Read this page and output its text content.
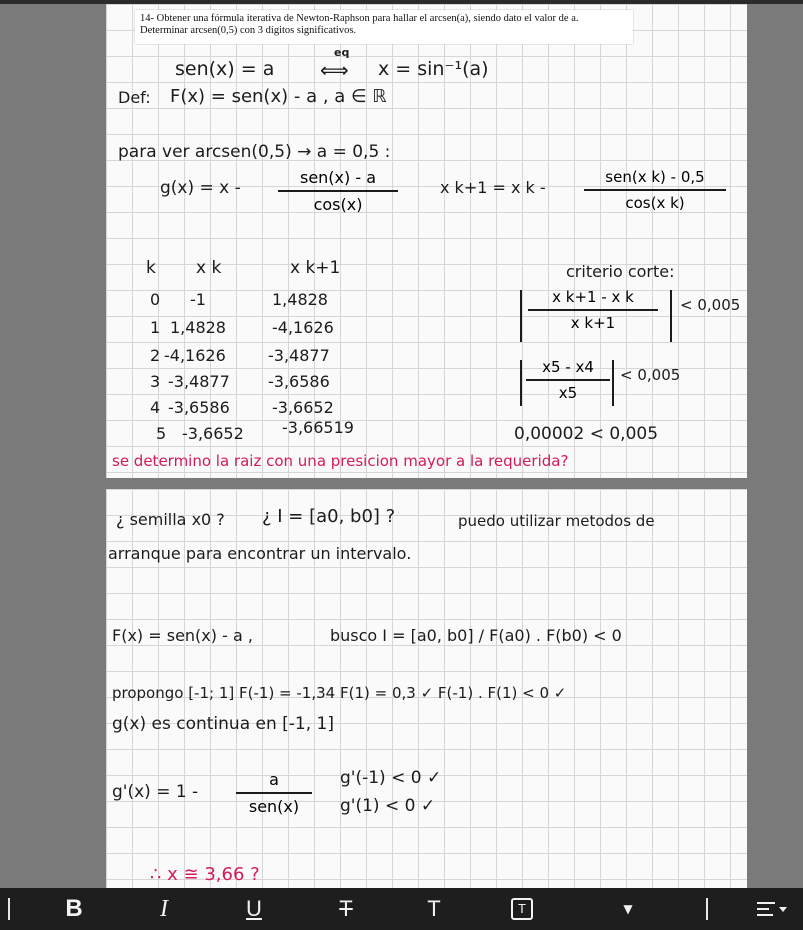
14- Obtener una fórmula iterativa de Newton-Raphson para hallar el arcsen(a), siendo dato el valor de a.
Determinar arcsen(0,5) con 3 dígitos significativos.
sen(x) = a
eq
⟺ x = sin⁻¹(a)
Def: F(x) = sen(x) - a , a ∈ ℝ
para ver arcsen(0,5) → a = 0,5 :
g(x) = x -
sen(x) - a
cos(x)
x k+1 = x k -
sen(x k) - 0,5
cos(x k)
k x k	x k+1
0 -1	1,4828
1 1,4828	-4,1626
2 -4,1626	-3,4877
3 -3,4877 -3,6586
4 -3,6586	-3,6652
5 -3,6652 -3,66519
criterio corte:
x k+1 - x k
x k+1
< 0,005
x5 - x4
x5
< 0,005
0,00002 < 0,005
se determino la raiz con una presicion mayor a la requerida?
¿ semilla x0 ? ¿ I = [a0, b0] ?	puedo utilizar metodos de
arranque para encontrar un intervalo.
F(x) = sen(x) - a ,	busco I = [a0, b0] / F(a0) . F(b0) < 0
propongo [-1; 1] F(-1) = -1,34 F(1) = 0,3 ✓ F(-1) . F(1) < 0 ✓
g(x) es continua en [-1, 1]
g'(x) = 1 -
a
sen(x)
g'(-1) < 0 ✓
g'(1) < 0 ✓
∴ x ≅ 3,66 ?
B	I	U	T	T	T	▼
